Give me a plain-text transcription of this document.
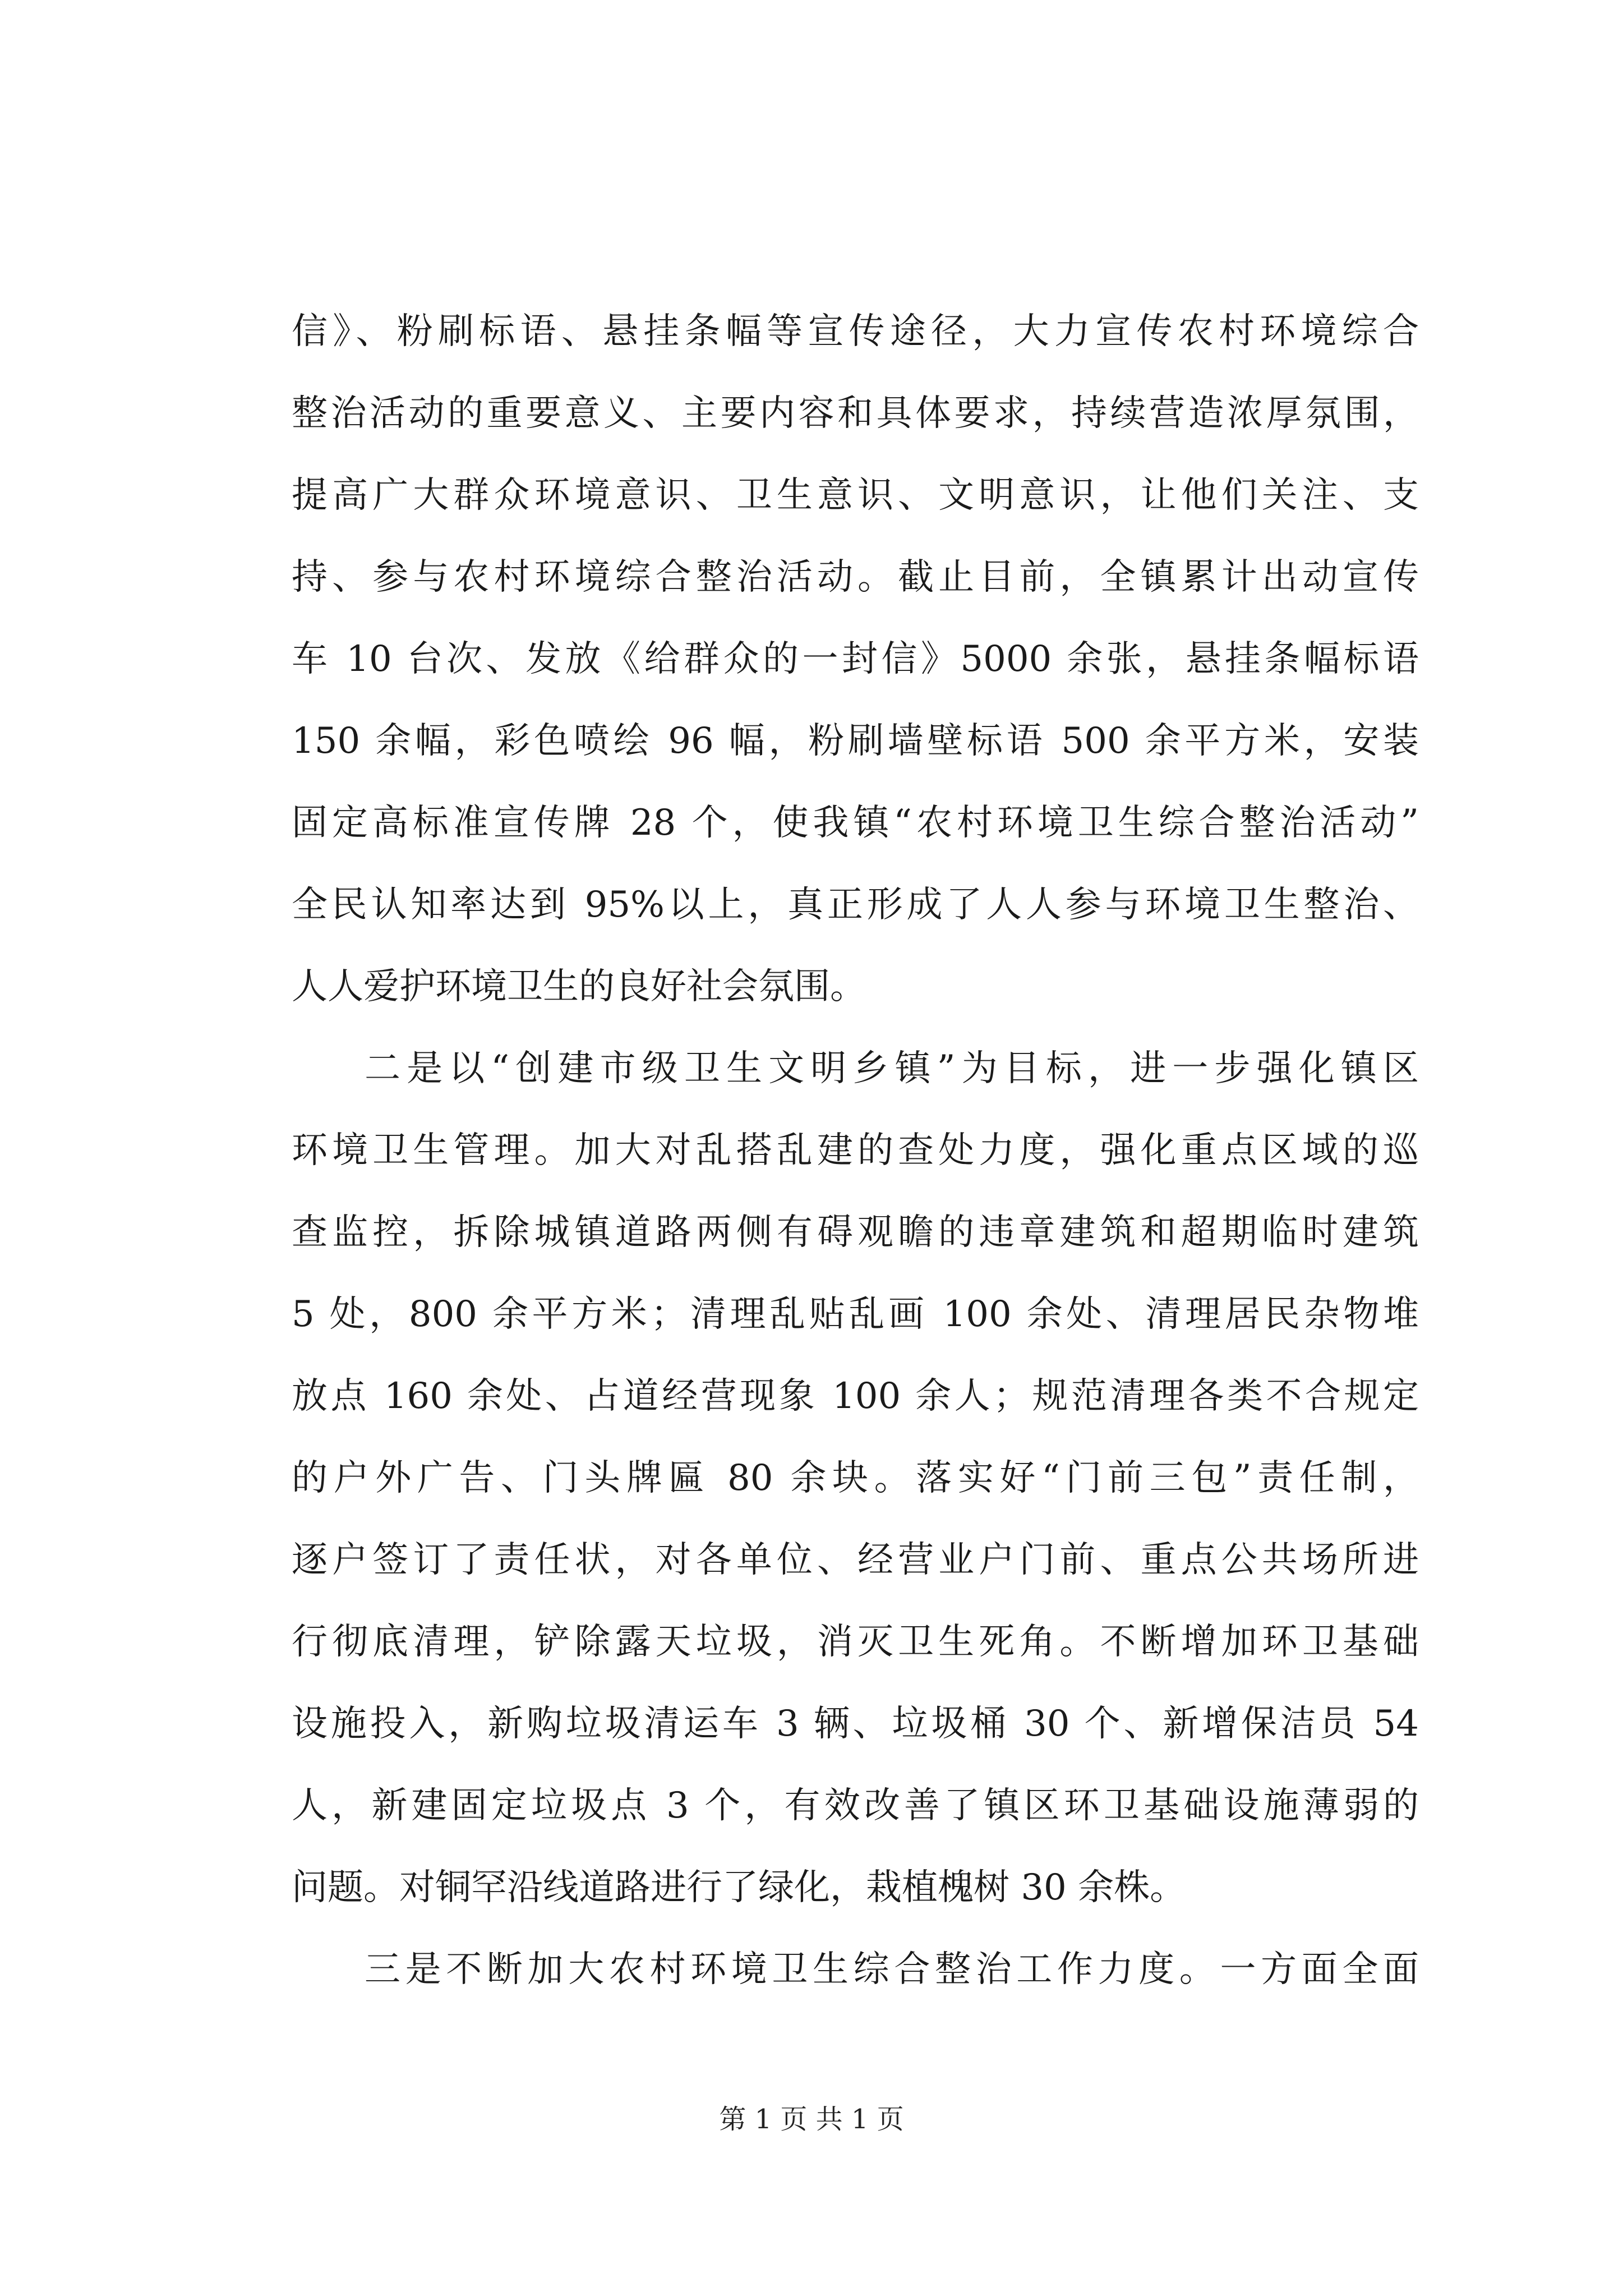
信》、粉刷标语、悬挂条幅等宣传途径，大力宣传农村环境综合
整治活动的重要意义、主要内容和具体要求，持续营造浓厚氛围，
提高广大群众环境意识、卫生意识、文明意识，让他们关注、支
持、参与农村环境综合整治活动。截止目前，全镇累计出动宣传
车 10 台次、发放《给群众的一封信》5000 余张，悬挂条幅标语
150 余幅，彩色喷绘 96 幅，粉刷墙壁标语 500 余平方米，安装
固定高标准宣传牌 28 个，使我镇“农村环境卫生综合整治活动”
全民认知率达到 95%以上，真正形成了人人参与环境卫生整治、
人人爱护环境卫生的良好社会氛围。
二是以“创建市级卫生文明乡镇”为目标，进一步强化镇区
环境卫生管理。加大对乱搭乱建的查处力度，强化重点区域的巡
查监控，拆除城镇道路两侧有碍观瞻的违章建筑和超期临时建筑
5 处，800 余平方米；清理乱贴乱画 100 余处、清理居民杂物堆
放点 160 余处、占道经营现象 100 余人；规范清理各类不合规定
的户外广告、门头牌匾 80 余块。落实好“门前三包”责任制，
逐户签订了责任状，对各单位、经营业户门前、重点公共场所进
行彻底清理，铲除露天垃圾，消灭卫生死角。不断增加环卫基础
设施投入，新购垃圾清运车 3 辆、垃圾桶 30 个、新增保洁员 54
人，新建固定垃圾点 3 个，有效改善了镇区环卫基础设施薄弱的
问题。对铜罕沿线道路进行了绿化，栽植槐树 30 余株。
三是不断加大农村环境卫生综合整治工作力度。一方面全面
第 1 页 共 1 页
